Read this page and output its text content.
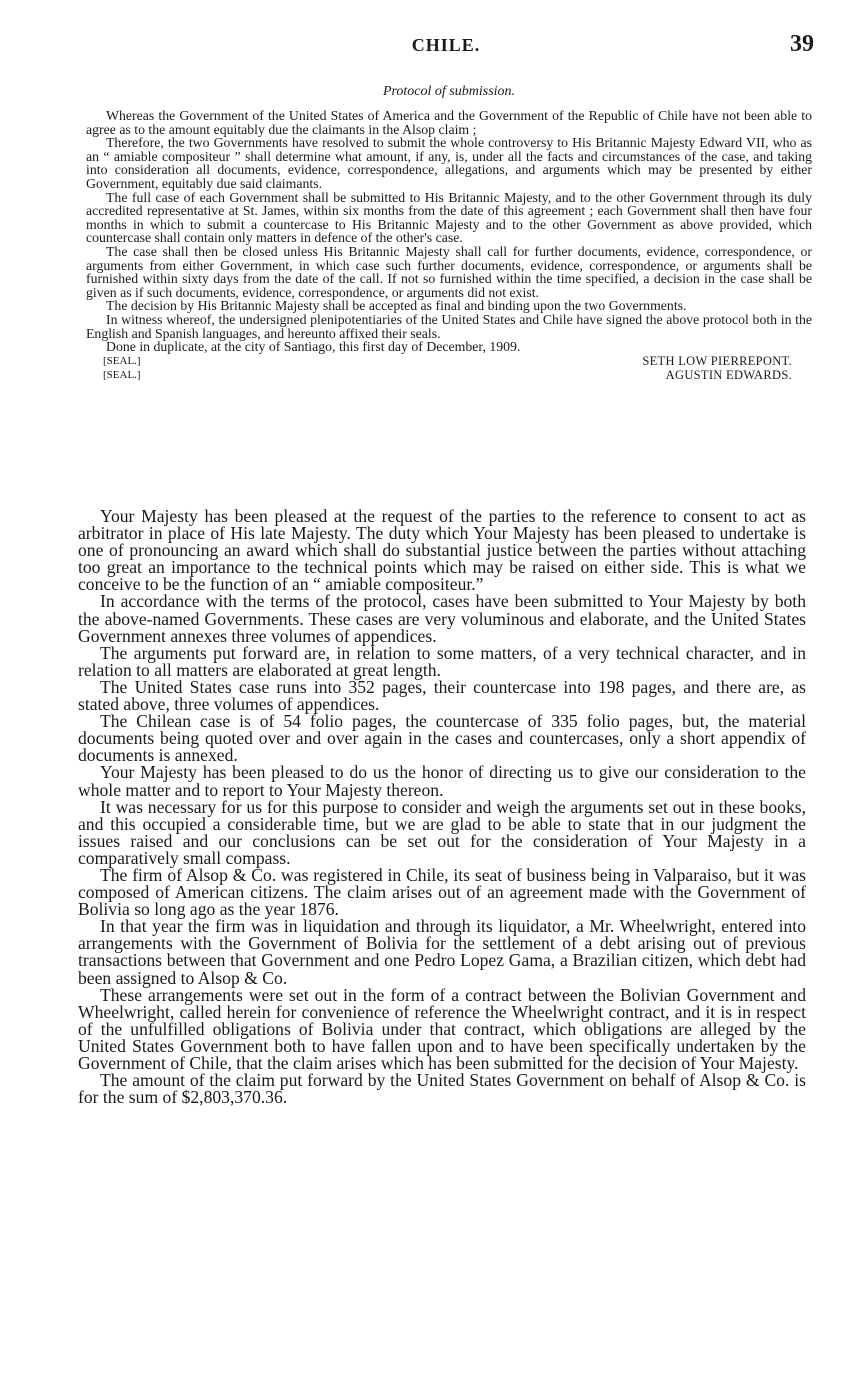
CHILE.	39
Protocol of submission.

Whereas the Government of the United States of America and the Government of the Republic of Chile have not been able to agree as to the amount equitably due the claimants in the Alsop claim ;

Therefore, the two Governments have resolved to submit the whole controversy to His Britannic Majesty Edward VII, who as an “ amiable compositeur ” shall determine what amount, if any, is, under all the facts and circumstances of the case, and taking into consideration all documents, evidence, correspondence, allegations, and arguments which may be presented by either Government, equitably due said claimants.

The full case of each Government shall be submitted to His Britannic Majesty, and to the other Government through its duly accredited representative at St. James, within six months from the date of this agreement ; each Government shall then have four months in which to submit a countercase to His Britannic Majesty and to the other Government as above provided, which countercase shall contain only matters in defence of the other's case.

The case shall then be closed unless His Britannic Majesty shall call for further documents, evidence, correspondence, or arguments from either Government, in which case such further documents, evidence, correspondence, or arguments shall be furnished within sixty days from the date of the call. If not so furnished within the time specified, a decision in the case shall be given as if such documents, evidence, correspondence, or arguments did not exist.

The decision by His Britannic Majesty shall be accepted as final and binding upon the two Governments.

In witness whereof, the undersigned plenipotentiaries of the United States and Chile have signed the above protocol both in the English and Spanish languages, and hereunto affixed their seals.

Done in duplicate, at the city of Santiago, this first day of December, 1909.

[SEAL.]	SETH LOW PIERREPONT.
[SEAL.]	AGUSTIN EDWARDS.

Your Majesty has been pleased at the request of the parties to the reference to consent to act as arbitrator in place of His late Majesty. The duty which Your Majesty has been pleased to undertake is one of pronouncing an award which shall do substantial justice between the parties without attaching too great an importance to the technical points which may be raised on either side. This is what we conceive to be the function of an “ amiable compositeur.”

In accordance with the terms of the protocol, cases have been submitted to Your Majesty by both the above-named Governments. These cases are very voluminous and elaborate, and the United States Government annexes three volumes of appendices.

The arguments put forward are, in relation to some matters, of a very technical character, and in relation to all matters are elaborated at great length.

The United States case runs into 352 pages, their countercase into 198 pages, and there are, as stated above, three volumes of appendices.

The Chilean case is of 54 folio pages, the countercase of 335 folio pages, but, the material documents being quoted over and over again in the cases and countercases, only a short appendix of documents is annexed.

Your Majesty has been pleased to do us the honor of directing us to give our consideration to the whole matter and to report to Your Majesty thereon.

It was necessary for us for this purpose to consider and weigh the arguments set out in these books, and this occupied a considerable time, but we are glad to be able to state that in our judgment the issues raised and our conclusions can be set out for the consideration of Your Majesty in a comparatively small compass.

The firm of Alsop & Co. was registered in Chile, its seat of business being in Valparaiso, but it was composed of American citizens. The claim arises out of an agreement made with the Government of Bolivia so long ago as the year 1876.

In that year the firm was in liquidation and through its liquidator, a Mr. Wheelwright, entered into arrangements with the Government of Bolivia for the settlement of a debt arising out of previous transactions between that Government and one Pedro Lopez Gama, a Brazilian citizen, which debt had been assigned to Alsop & Co.

These arrangements were set out in the form of a contract between the Bolivian Government and Wheelwright, called herein for convenience of reference the Wheelwright contract, and it is in respect of the unfulfilled obligations of Bolivia under that contract, which obligations are alleged by the United States Government both to have fallen upon and to have been specifically undertaken by the Government of Chile, that the claim arises which has been submitted for the decision of Your Majesty.

The amount of the claim put forward by the United States Government on behalf of Alsop & Co. is for the sum of $2,803,370.36.
